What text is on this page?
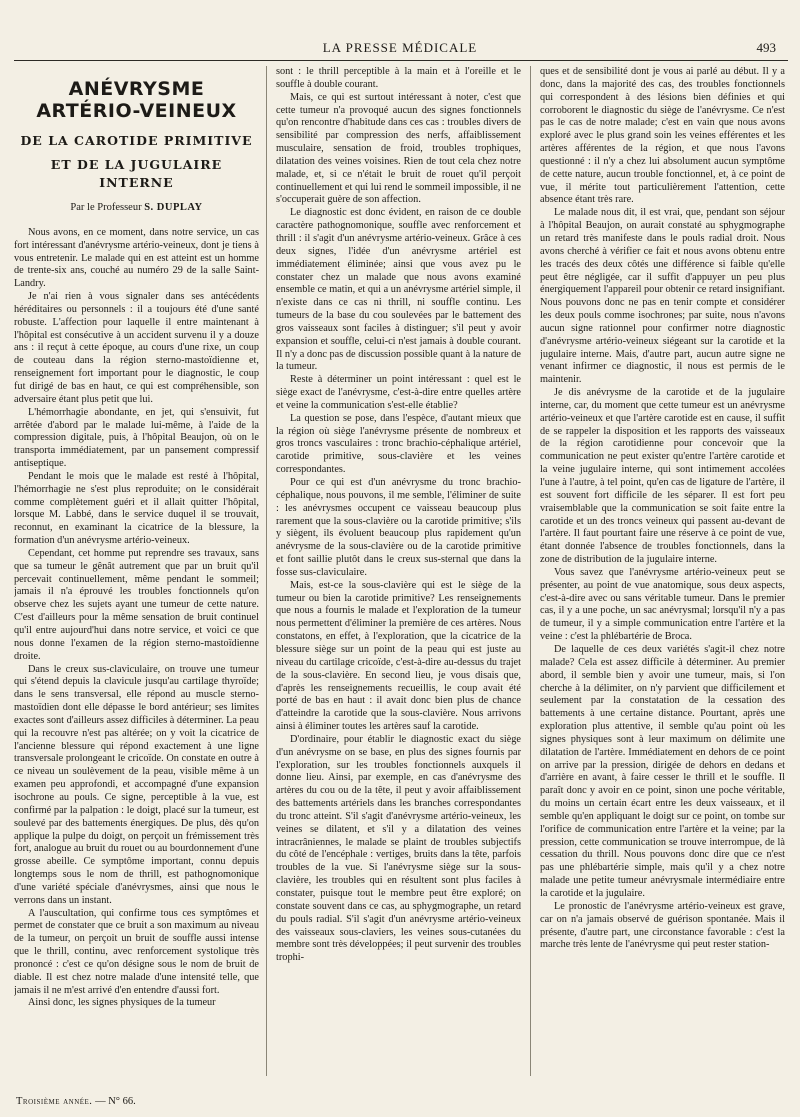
LA PRESSE MÉDICALE	493
ANÉVRYSME ARTÉRIO-VEINEUX
DE LA CAROTIDE PRIMITIVE
ET DE LA JUGULAIRE INTERNE
Par le Professeur S. DUPLAY

Nous avons, en ce moment, dans notre service, un cas fort intéressant d'anévrysme artério-veineux, dont je tiens à vous entretenir. Le malade qui en est atteint est un homme de trente-six ans, couché au numéro 29 de la salle Saint-Landry.

Je n'ai rien à vous signaler dans ses antécédents héréditaires ou personnels : il a toujours été d'une santé robuste. L'affection pour laquelle il entre maintenant à l'hôpital est consécutive à un accident survenu il y a douze ans : il reçut à cette époque, au cours d'une rixe, un coup de couteau dans la région sterno-mastoïdienne et, renseignement fort important pour le diagnostic, le coup fut dirigé de bas en haut, ce qui est compréhensible, son adversaire étant plus petit que lui.

L'hémorrhagie abondante, en jet, qui s'ensuivit, fut arrêtée d'abord par le malade lui-même, à l'aide de la compression digitale, puis, à l'hôpital Beaujon, où on le transporta immédiatement, par un pansement compressif antiseptique.

Pendant le mois que le malade est resté à l'hôpital, l'hémorrhagie ne s'est plus reproduite; on le considérait comme complètement guéri et il allait quitter l'hôpital, lorsque M. Labbé, dans le service duquel il se trouvait, reconnut, en examinant la cicatrice de la blessure, la formation d'un anévrysme artério-veineux.

Cependant, cet homme put reprendre ses travaux, sans que sa tumeur le gênât autrement que par un bruit qu'il percevait continuellement, même pendant le sommeil; jamais il n'a éprouvé les troubles fonctionnels qu'on observe chez les sujets ayant une tumeur de cette nature. C'est d'ailleurs pour la même sensation de bruit continuel qu'il entre aujourd'hui dans notre service, et voici ce que nous donne l'examen de la région sterno-mastoïdienne droite.

Dans le creux sus-claviculaire, on trouve une tumeur qui s'étend depuis la clavicule jusqu'au cartilage thyroïde; dans le sens transversal, elle répond au muscle sterno-mastoïdien dont elle dépasse le bord antérieur; ses limites exactes sont d'ailleurs assez difficiles à déterminer. La peau qui la recouvre n'est pas altérée; on y voit la cicatrice de l'ancienne blessure qui répond exactement à une ligne transversale prolongeant le cricoïde. On constate en outre à ce niveau un soulèvement de la peau, visible même à un examen peu approfondi, et accompagné d'une expansion isochrone au pouls. Ce signe, perceptible à la vue, est confirmé par la palpation : le doigt, placé sur la tumeur, est soulevé par des battements énergiques. De plus, dès qu'on applique la pulpe du doigt, on perçoit un frémissement très fort, analogue au bruit du rouet ou au bourdonnement d'une grosse abeille. Ce symptôme important, connu depuis longtemps sous le nom de thrill, est pathognomonique d'une variété spéciale d'anévrysmes, ainsi que nous le verrons dans un instant.

A l'auscultation, qui confirme tous ces symptômes et permet de constater que ce bruit a son maximum au niveau de la tumeur, on perçoit un bruit de souffle aussi intense que le thrill, continu, avec renforcement systolique très prononcé : c'est ce qu'on désigne sous le nom de bruit de diable. Il est chez notre malade d'une intensité telle, que jamais il ne m'est arrivé d'en entendre d'aussi fort.

Ainsi donc, les signes physiques de la tumeur

sont : le thrill perceptible à la main et à l'oreille et le souffle à double courant.

Mais, ce qui est surtout intéressant à noter, c'est que cette tumeur n'a provoqué aucun des signes fonctionnels qu'on rencontre d'habitude dans ces cas : troubles divers de sensibilité par compression des nerfs, affaiblissement musculaire, sensation de froid, troubles trophiques, dilatation des veines voisines. Rien de tout cela chez notre malade, et, si ce n'était le bruit de rouet qu'il perçoit continuellement et qui lui rend le sommeil impossible, il ne s'occuperait guère de son affection.

Le diagnostic est donc évident, en raison de ce double caractère pathognomonique, souffle avec renforcement et thrill : il s'agit d'un anévrysme artério-veineux. Grâce à ces deux signes, l'idée d'un anévrysme artériel est immédiatement éliminée; ainsi que vous avez pu le constater chez un malade que nous avons examiné ensemble ce matin, et qui a un anévrysme artériel simple, il n'existe dans ce cas ni thrill, ni souffle continu. Les tumeurs de la base du cou soulevées par le battement des gros vaisseaux sont faciles à distinguer; s'il peut y avoir expansion et souffle, celui-ci n'est jamais à double courant. Il n'y a donc pas de discussion possible quant à la nature de la tumeur.

Reste à déterminer un point intéressant : quel est le siège exact de l'anévrysme, c'est-à-dire entre quelles artère et veine la communication s'est-elle établie?

La question se pose, dans l'espèce, d'autant mieux que la région où siège l'anévrysme présente de nombreux et gros troncs vasculaires : tronc brachio-céphalique artériel, carotide primitive, sous-clavière et les veines correspondantes.

Pour ce qui est d'un anévrysme du tronc brachio-céphalique, nous pouvons, il me semble, l'éliminer de suite : les anévrysmes occupent ce vaisseau beaucoup plus rarement que la sous-clavière ou la carotide primitive; s'ils y siègent, ils évoluent beaucoup plus rapidement qu'un anévrysme de la sous-clavière ou de la carotide primitive et font saillie plutôt dans le creux sus-sternal que dans la fosse sus-claviculaire.

Mais, est-ce la sous-clavière qui est le siège de la tumeur ou bien la carotide primitive? Les renseignements que nous a fournis le malade et l'exploration de la tumeur nous permettent d'éliminer la première de ces artères. Nous constatons, en effet, à l'exploration, que la cicatrice de la blessure siège sur un point de la peau qui est juste au niveau du cartilage cricoïde, c'est-à-dire au-dessus du trajet de la sous-clavière. En second lieu, je vous disais que, d'après les renseignements recueillis, le coup avait été porté de bas en haut : il avait donc bien plus de chance d'atteindre la carotide que la sous-clavière. Nous arrivons ainsi à éliminer toutes les artères sauf la carotide.

D'ordinaire, pour établir le diagnostic exact du siège d'un anévrysme on se base, en plus des signes fournis par l'exploration, sur les troubles fonctionnels auxquels il donne lieu. Ainsi, par exemple, en cas d'anévrysme des artères du cou ou de la tête, il peut y avoir affaiblissement des battements artériels dans les branches correspondantes du tronc atteint. S'il s'agit d'anévrysme artério-veineux, les veines se dilatent, et s'il y a dilatation des veines intracrâniennes, le malade se plaint de troubles subjectifs du côté de l'encéphale : vertiges, bruits dans la tête, parfois troubles de la vue. Si l'anévrysme siège sur la sous-clavière, les troubles qui en résultent sont plus faciles à constater, puisque tout le membre peut être exploré; on constate souvent dans ce cas, au sphygmographe, un retard du pouls radial. S'il s'agit d'un anévrysme artério-veineux des vaisseaux sous-claviers, les veines sous-cutanées du membre sont très développées; il peut survenir des troubles trophi-

ques et de sensibilité dont je vous ai parlé au début. Il y a donc, dans la majorité des cas, des troubles fonctionnels qui correspondent à des lésions bien définies et qui corroborent le diagnostic du siège de l'anévrysme. Ce n'est pas le cas de notre malade; c'est en vain que nous avons exploré avec le plus grand soin les veines efférentes et les artères afférentes de la région, et que nous l'avons questionné : il n'y a chez lui absolument aucun symptôme de cette nature, aucun trouble fonctionnel, et, à ce point de vue, il mérite tout particulièrement l'attention, cette absence étant très rare.

Le malade nous dit, il est vrai, que, pendant son séjour à l'hôpital Beaujon, on aurait constaté au sphygmographe un retard très manifeste dans le pouls radial droit. Nous avons cherché à vérifier ce fait et nous avons obtenu entre les tracés des deux côtés une différence si faible qu'elle peut être négligée, car il suffit d'appuyer un peu plus énergiquement l'appareil pour obtenir ce retard insignifiant. Nous pouvons donc ne pas en tenir compte et considérer les deux pouls comme isochrones; par suite, nous n'avons aucun signe rationnel pour confirmer notre diagnostic d'anévrysme artério-veineux siégeant sur la carotide et la jugulaire interne. Mais, d'autre part, aucun autre signe ne venant infirmer ce diagnostic, il nous est permis de le maintenir.

Je dis anévrysme de la carotide et de la jugulaire interne, car, du moment que cette tumeur est un anévrysme artério-veineux et que l'artère carotide est en cause, il suffit de se rappeler la disposition et les rapports des vaisseaux de la région carotidienne pour concevoir que la communication ne peut exister qu'entre l'artère carotide et la veine jugulaire interne, qui sont intimement accolées l'une à l'autre, à tel point, qu'en cas de ligature de l'artère, il est souvent fort difficile de les séparer. Il est fort peu vraisemblable que la communication se soit faite entre la carotide et un des troncs veineux qui passent au-devant de l'artère. Il faut pourtant faire une réserve à ce point de vue, étant donnée l'absence de troubles fonctionnels, dans la zone de distribution de la jugulaire interne.

Vous savez que l'anévrysme artério-veineux peut se présenter, au point de vue anatomique, sous deux aspects, c'est-à-dire avec ou sans véritable tumeur. Dans le premier cas, il y a une poche, un sac anévrysmal; lorsqu'il n'y a pas de tumeur, il y a simple communication entre l'artère et la veine : c'est la phlébartérie de Broca.

De laquelle de ces deux variétés s'agit-il chez notre malade? Cela est assez difficile à déterminer. Au premier abord, il semble bien y avoir une tumeur, mais, si l'on cherche à la délimiter, on n'y parvient que difficilement et seulement par la constatation de la cessation des battements à une certaine distance. Pourtant, après une exploration plus attentive, il semble qu'au point où les signes physiques sont à leur maximum on délimite une dilatation de l'artère. Immédiatement en dehors de ce point on arrive par la pression, dirigée de dehors en dedans et d'arrière en avant, à faire cesser le thrill et le souffle. Il paraît donc y avoir en ce point, sinon une poche véritable, du moins un certain écart entre les deux vaisseaux, et il semble qu'en appliquant le doigt sur ce point, on tombe sur l'orifice de communication entre l'artère et la veine; par la pression, cette communication se trouve interrompue, de là cessation du thrill. Nous pouvons donc dire que ce n'est pas une phlébartérie simple, mais qu'il y a chez notre malade une petite tumeur anévrysmale intermédiaire entre la carotide et la jugulaire.

Le pronostic de l'anévrysme artério-veineux est grave, car on n'a jamais observé de guérison spontanée. Mais il présente, d'autre part, une circonstance favorable : c'est la marche très lente de l'anévrysme qui peut rester station-

Troisième année. — N° 66.
